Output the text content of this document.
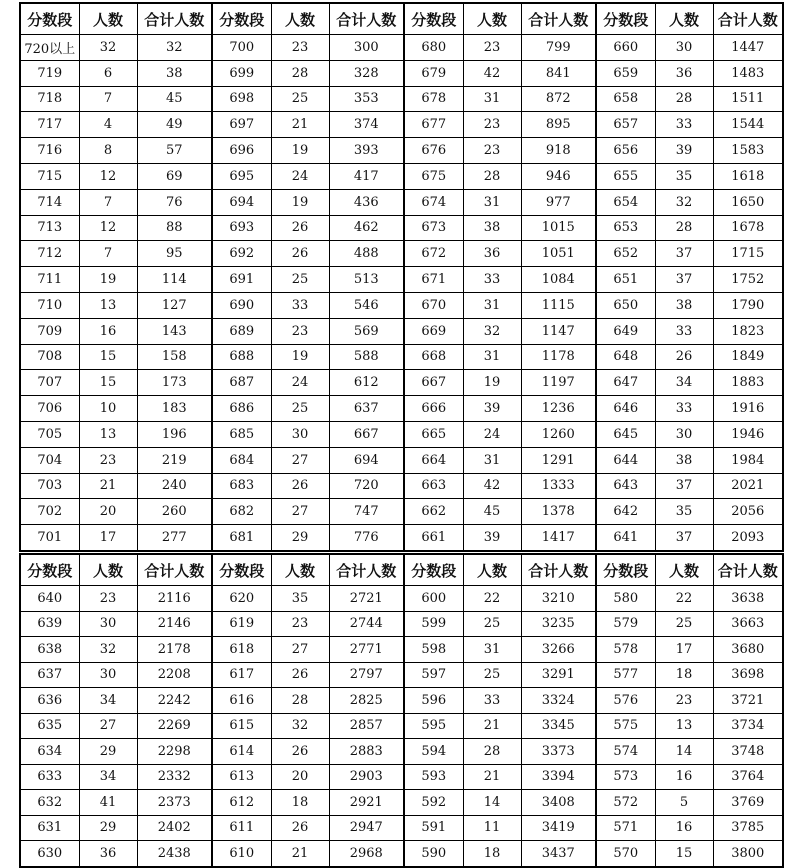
分数段	人数	合计人数	分数段	人数	合计人数	分数段	人数	合计人数	分数段	人数	合计人数
720以上	32	32	700	23	300	680	23	799	660	30	1447
719	6	38	699	28	328	679	42	841	659	36	1483
718	7	45	698	25	353	678	31	872	658	28	1511
717	4	49	697	21	374	677	23	895	657	33	1544
716	8	57	696	19	393	676	23	918	656	39	1583
715	12	69	695	24	417	675	28	946	655	35	1618
714	7	76	694	19	436	674	31	977	654	32	1650
713	12	88	693	26	462	673	38	1015	653	28	1678
712	7	95	692	26	488	672	36	1051	652	37	1715
711	19	114	691	25	513	671	33	1084	651	37	1752
710	13	127	690	33	546	670	31	1115	650	38	1790
709	16	143	689	23	569	669	32	1147	649	33	1823
708	15	158	688	19	588	668	31	1178	648	26	1849
707	15	173	687	24	612	667	19	1197	647	34	1883
706	10	183	686	25	637	666	39	1236	646	33	1916
705	13	196	685	30	667	665	24	1260	645	30	1946
704	23	219	684	27	694	664	31	1291	644	38	1984
703	21	240	683	26	720	663	42	1333	643	37	2021
702	20	260	682	27	747	662	45	1378	642	35	2056
701	17	277	681	29	776	661	39	1417	641	37	2093
分数段	人数	合计人数	分数段	人数	合计人数	分数段	人数	合计人数	分数段	人数	合计人数
640	23	2116	620	35	2721	600	22	3210	580	22	3638
639	30	2146	619	23	2744	599	25	3235	579	25	3663
638	32	2178	618	27	2771	598	31	3266	578	17	3680
637	30	2208	617	26	2797	597	25	3291	577	18	3698
636	34	2242	616	28	2825	596	33	3324	576	23	3721
635	27	2269	615	32	2857	595	21	3345	575	13	3734
634	29	2298	614	26	2883	594	28	3373	574	14	3748
633	34	2332	613	20	2903	593	21	3394	573	16	3764
632	41	2373	612	18	2921	592	14	3408	572	5	3769
631	29	2402	611	26	2947	591	11	3419	571	16	3785
630	36	2438	610	21	2968	590	18	3437	570	15	3800
